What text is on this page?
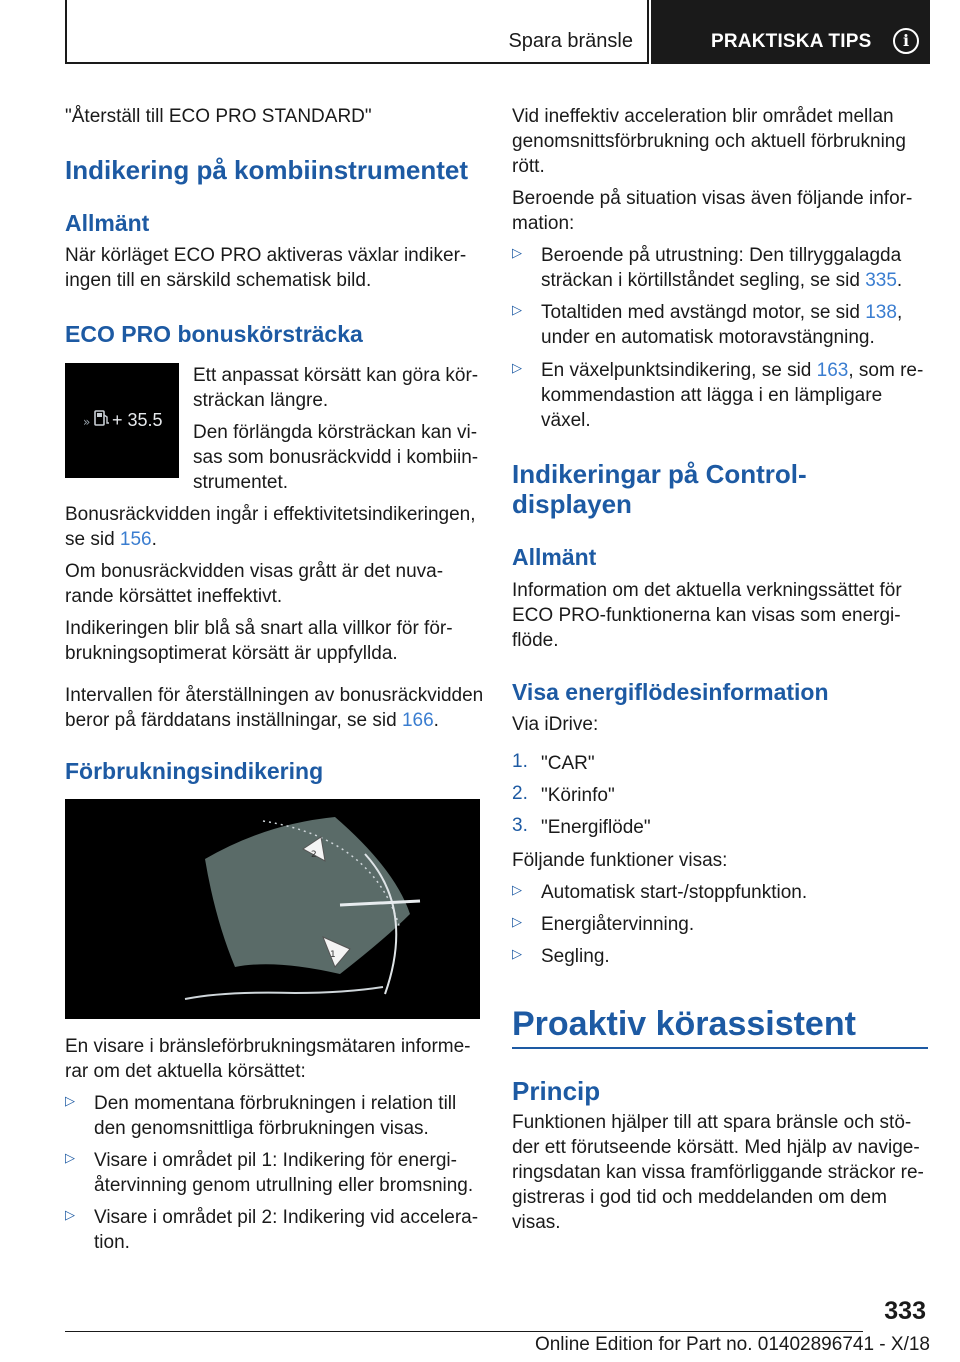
Spara bränsle	PRAKTISKA TIPS	i

"Återställ till ECO PRO STANDARD"

Indikering på kombiinstrumentet
Allmänt

När körläget ECO PRO aktiveras växlar indiker-

ingen till en särskild schematisk bild.

ECO PRO bonuskörsträcka
» + 35.5

Ett anpassat körsätt kan göra kör-

sträckan längre.

Den förlängda körsträckan kan vi-

sas som bonusräckvidd i kombiin-

strumentet.

Bonusräckvidden ingår i effektivitetsindikeringen,

se sid 156.

Om bonusräckvidden visas grått är det nuva-

rande körsättet ineffektivt.

Indikeringen blir blå så snart alla villkor för för-

brukningsoptimerat körsätt är uppfyllda.

Intervallen för återställningen av bonusräckvidden

beror på färddatans inställningar, se sid 166.

Förbrukningsindikering
2
1

En visare i bränsleförbrukningsmätaren informe-

rar om det aktuella körsättet:

▷ Den momentana förbrukningen i relation till

den genomsnittliga förbrukningen visas.

▷ Visare i området pil 1: Indikering för energi-

återvinning genom utrullning eller bromsning.

▷ Visare i området pil 2: Indikering vid accelera-

tion.

Vid ineffektiv acceleration blir området mellan

genomsnittsförbrukning och aktuell förbrukning

rött.

Beroende på situation visas även följande infor-

mation:

▷ Beroende på utrustning: Den tillryggalagda

sträckan i körtillståndet segling, se sid 335.

▷ Totaltiden med avstängd motor, se sid 138,

under en automatisk motoravstängning.

▷ En växelpunktsindikering, se sid 163, som re-

kommendastion att lägga i en lämpligare

växel.

Indikeringar på Control-
displayen
Allmänt

Information om det aktuella verkningssättet för

ECO PRO-funktionerna kan visas som energi-

flöde.

Visa energiflödesinformation

Via iDrive:

1. "CAR"

2. "Körinfo"

3. "Energiflöde"

Följande funktioner visas:

▷ Automatisk start-/stoppfunktion.

▷ Energiåtervinning.

▷ Segling.

Proaktiv körassistent
Princip

Funktionen hjälper till att spara bränsle och stö-

der ett förutseende körsätt. Med hjälp av navige-

ringsdatan kan vissa framförliggande sträckor re-

gistreras i god tid och meddelanden om dem

visas.

333
Online Edition for Part no. 01402896741 - X/18
